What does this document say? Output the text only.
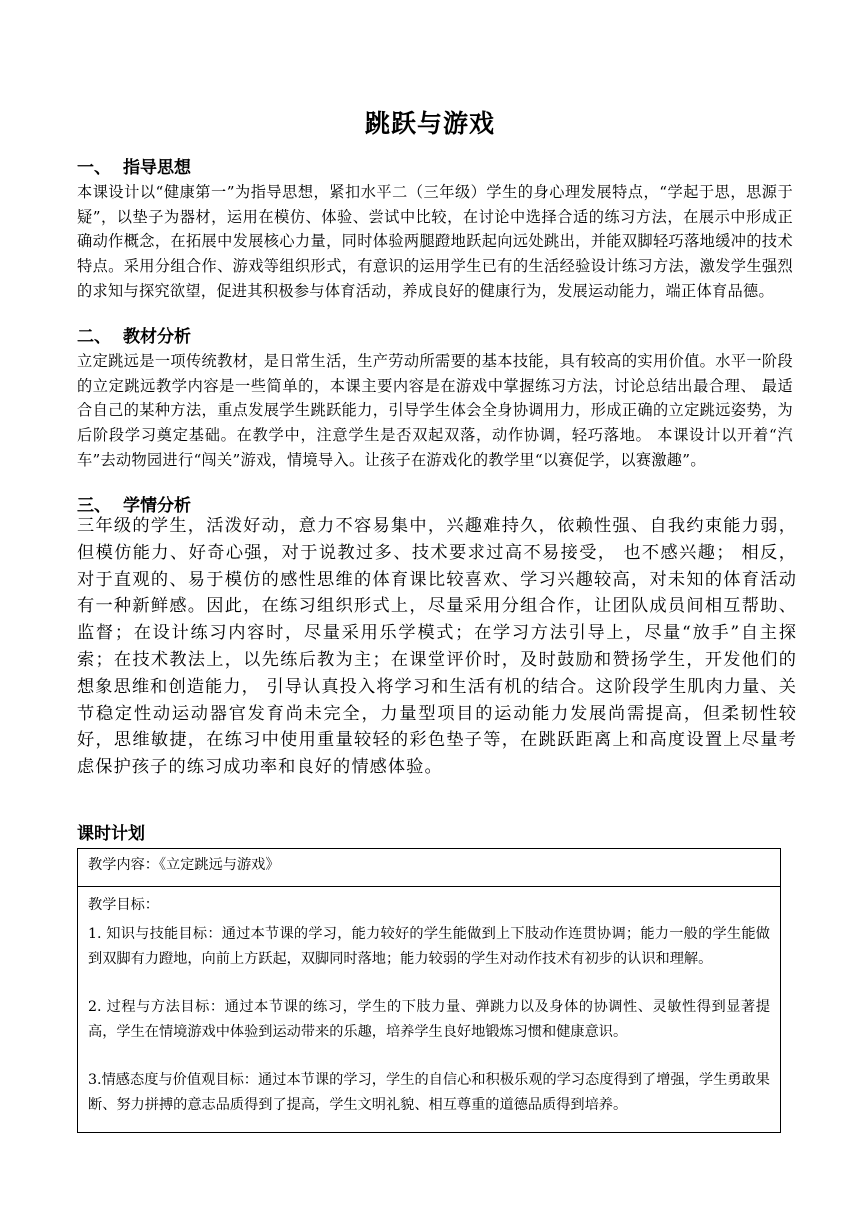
跳跃与游戏
一、 指导思想
本课设计以“健康第一”为指导思想，紧扣水平二（三年级）学生的身心理发展特点，“学起于思，思源于疑”，以垫子为器材，运用在模仿、体验、尝试中比较，在讨论中选择合适的练习方法，在展示中形成正确动作概念，在拓展中发展核心力量，同时体验两腿蹬地跃起向远处跳出，并能双脚轻巧落地缓冲的技术特点。采用分组合作、游戏等组织形式，有意识的运用学生已有的生活经验设计练习方法，激发学生强烈的求知与探究欲望，促进其积极参与体育活动，养成良好的健康行为，发展运动能力，端正体育品德。
二、 教材分析
立定跳远是一项传统教材，是日常生活，生产劳动所需要的基本技能，具有较高的实用价值。水平一阶段的立定跳远教学内容是一些简单的，本课主要内容是在游戏中掌握练习方法，讨论总结出最合理、 最适合自己的某种方法，重点发展学生跳跃能力，引导学生体会全身协调用力，形成正确的立定跳远姿势，为后阶段学习奠定基础。在教学中，注意学生是否双起双落，动作协调，轻巧落地。 本课设计以开着“汽车”去动物园进行“闯关”游戏，情境导入。让孩子在游戏化的教学里“以赛促学，以赛激趣”。
三、 学情分析
三年级的学生，活泼好动，意力不容易集中，兴趣难持久，依赖性强、自我约束能力弱，但模仿能力、好奇心强，对于说教过多、技术要求过高不易接受， 也不感兴趣； 相反，对于直观的、易于模仿的感性思维的体育课比较喜欢、学习兴趣较高，对未知的体育活动有一种新鲜感。因此，在练习组织形式上，尽量采用分组合作，让团队成员间相互帮助、监督；在设计练习内容时，尽量采用乐学模式；在学习方法引导上，尽量“放手”自主探索；在技术教法上，以先练后教为主；在课堂评价时，及时鼓励和赞扬学生，开发他们的想象思维和创造能力， 引导认真投入将学习和生活有机的结合。这阶段学生肌肉力量、关节稳定性动运动器官发育尚未完全，力量型项目的运动能力发展尚需提高，但柔韧性较好，思维敏捷，在练习中使用重量较轻的彩色垫子等，在跳跃距离上和高度设置上尽量考虑保护孩子的练习成功率和良好的情感体验。
课时计划
教学内容：《立定跳远与游戏》

教学目标：
1. 知识与技能目标：通过本节课的学习，能力较好的学生能做到上下肢动作连贯协调；能力一般的学生能做到双脚有力蹬地，向前上方跃起，双脚同时落地；能力较弱的学生对动作技术有初步的认识和理解。
2. 过程与方法目标：通过本节课的练习，学生的下肢力量、弹跳力以及身体的协调性、灵敏性得到显著提高，学生在情境游戏中体验到运动带来的乐趣，培养学生良好地锻炼习惯和健康意识。
3.情感态度与价值观目标：通过本节课的学习，学生的自信心和积极乐观的学习态度得到了增强，学生勇敢果断、努力拼搏的意志品质得到了提高，学生文明礼貌、相互尊重的道德品质得到培养。
